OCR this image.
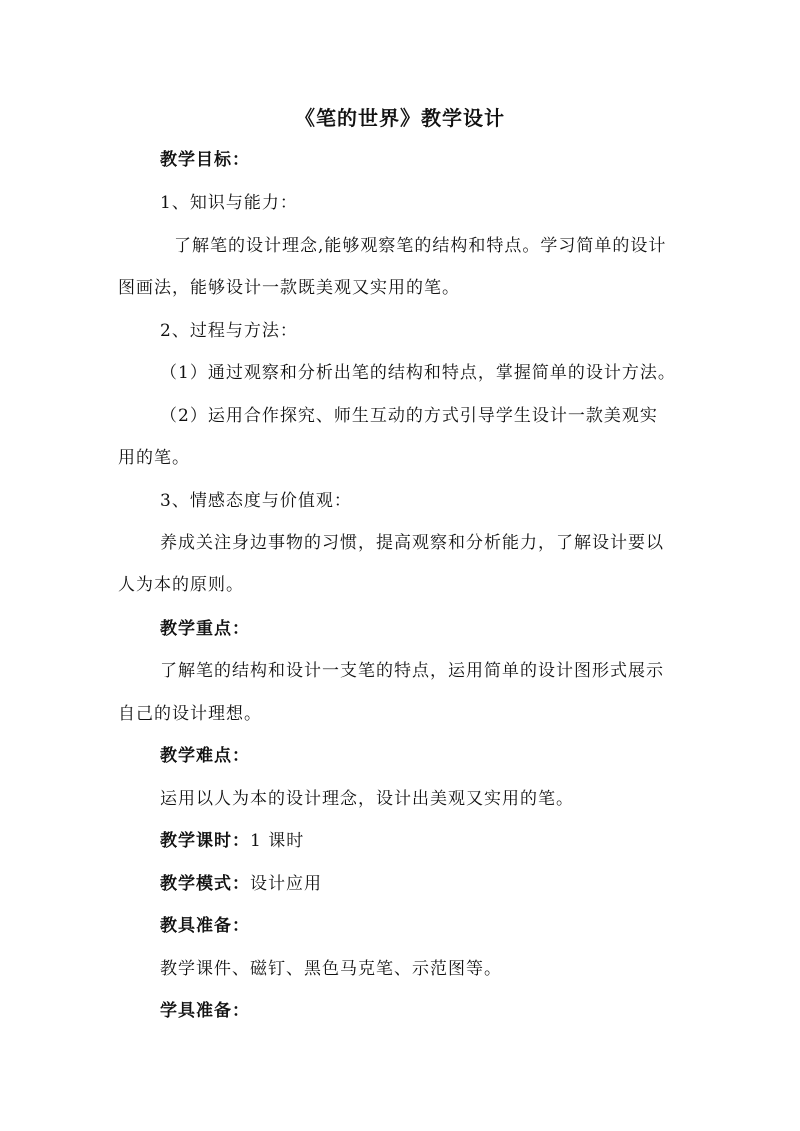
《笔的世界》教学设计
教学目标：
1、知识与能力：
了解笔的设计理念,能够观察笔的结构和特点。学习简单的设计
图画法，能够设计一款既美观又实用的笔。
2、过程与方法：
（1）通过观察和分析出笔的结构和特点，掌握简单的设计方法。
（2）运用合作探究、师生互动的方式引导学生设计一款美观实
用的笔。
3、情感态度与价值观：
养成关注身边事物的习惯，提高观察和分析能力，了解设计要以
人为本的原则。
教学重点：
了解笔的结构和设计一支笔的特点，运用简单的设计图形式展示
自己的设计理想。
教学难点：
运用以人为本的设计理念，设计出美观又实用的笔。
教学课时：1 课时
教学模式：设计应用
教具准备：
教学课件、磁钉、黑色马克笔、示范图等。
学具准备：
